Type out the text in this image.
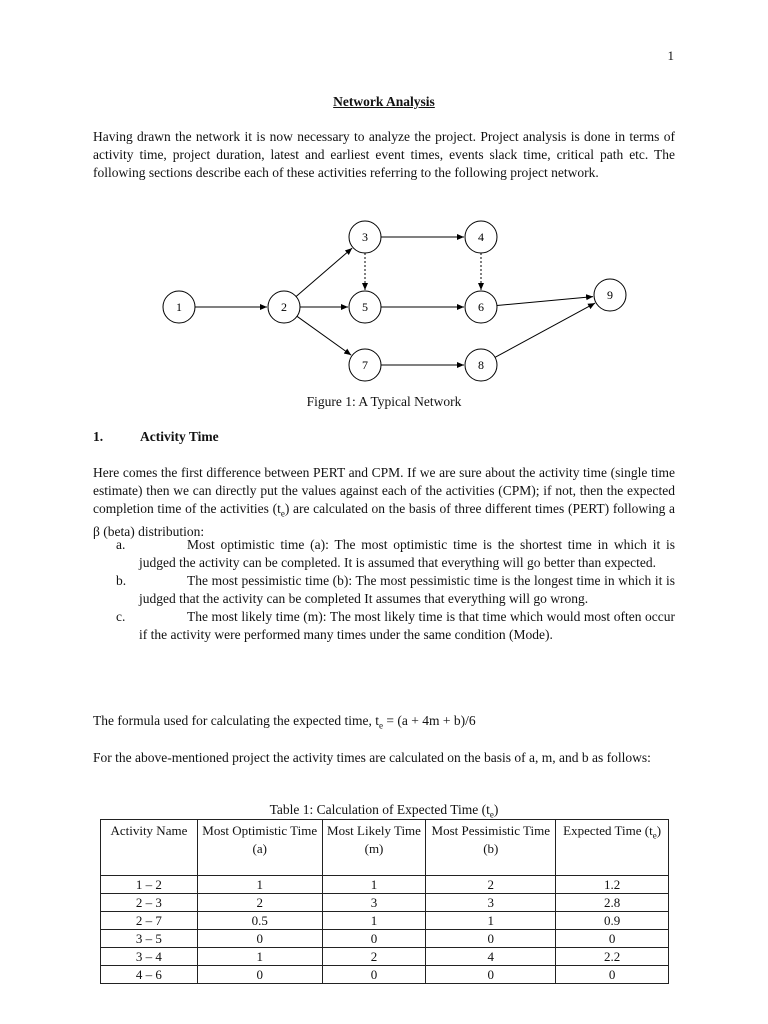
1
Network Analysis
Having drawn the network it is now necessary to analyze the project. Project analysis is done in terms of activity time, project duration, latest and earliest event times, events slack time, critical path etc. The following sections describe each of these activities referring to the following project network.
1	2
3	4
5	6
7	8
9
Figure 1: A Typical Network
1.	Activity Time
Here comes the first difference between PERT and CPM. If we are sure about the activity time (single time estimate) then we can directly put the values against each of the activities (CPM); if not, then the expected completion time of the activities $(t_e)$ are calculated on the basis of three different times (PERT) following a β (beta) distribution:
a.	Most optimistic time (a): The most optimistic time is the shortest time in which it is judged the activity can be completed. It is assumed that everything will go better than expected.
b.	The most pessimistic time (b): The most pessimistic time is the longest time in which it is judged that the activity can be completed It assumes that everything will go wrong.
c.	The most likely time (m): The most likely time is that time which would most often occur if the activity were performed many times under the same condition (Mode).
The formula used for calculating the expected time, $t_e = (a + 4m + b)/6$
For the above-mentioned project the activity times are calculated on the basis of a, m, and b as follows:
Table 1: Calculation of Expected Time $(t_e)$
Activity Name	Most Optimistic Time (a)	Most Likely Time (m)	Most Pessimistic Time (b)	Expected Time $(t_e)$
1 – 2	1	1	2	1.2
2 – 3	2	3	3	2.8
2 – 7	0.5	1	1	0.9
3 – 5	0	0	0	0
3 – 4	1	2	4	2.2
4 – 6	0	0	0	0
